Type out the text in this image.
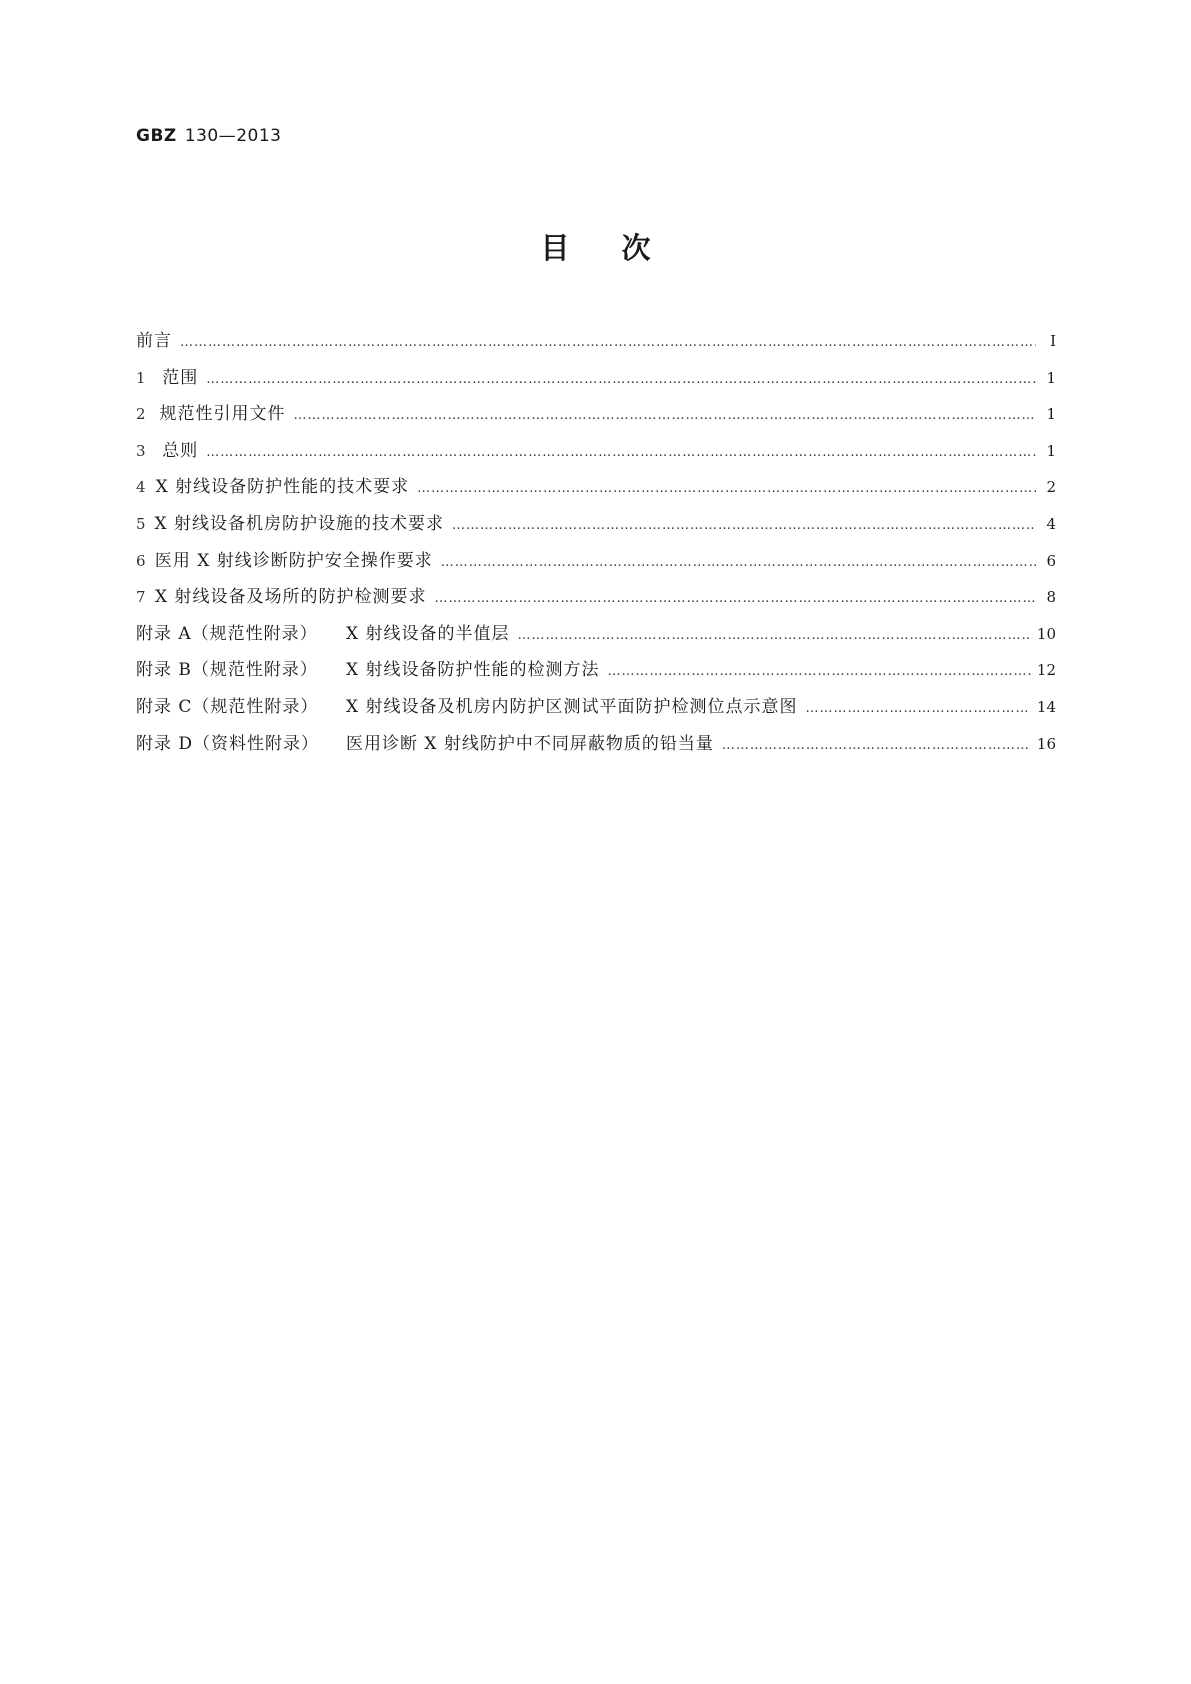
GBZ 130—2013
目次
前言 …………………………………………………………………………………………………………………………………………………………………………………………	Ⅰ
1 范围 …………………………………………………………………………………………………………………………………………………………………………………………	1
2 规范性引用文件 …………………………………………………………………………………………………………………………………………………………………………………………	1
3 总则 …………………………………………………………………………………………………………………………………………………………………………………………	1
4 X 射线设备防护性能的技术要求 …………………………………………………………………………………………………………………………………………………………………………………………	2
5 X 射线设备机房防护设施的技术要求 …………………………………………………………………………………………………………………………………………………………………………………………	4
6 医用 X 射线诊断防护安全操作要求 …………………………………………………………………………………………………………………………………………………………………………………………	6
7 X 射线设备及场所的防护检测要求 …………………………………………………………………………………………………………………………………………………………………………………………	8
附录 A（规范性附录） X 射线设备的半值层 …………………………………………………………………………………………………………………………………………………………………………………………	10
附录 B（规范性附录） X 射线设备防护性能的检测方法 …………………………………………………………………………………………………………………………………………………………………………………………	12
附录 C（规范性附录） X 射线设备及机房内防护区测试平面防护检测位点示意图 …………………………………………………………………………………………………………………………………………………………………………………………	14
附录 D（资料性附录） 医用诊断 X 射线防护中不同屏蔽物质的铅当量 …………………………………………………………………………………………………………………………………………………………………………………………	16
